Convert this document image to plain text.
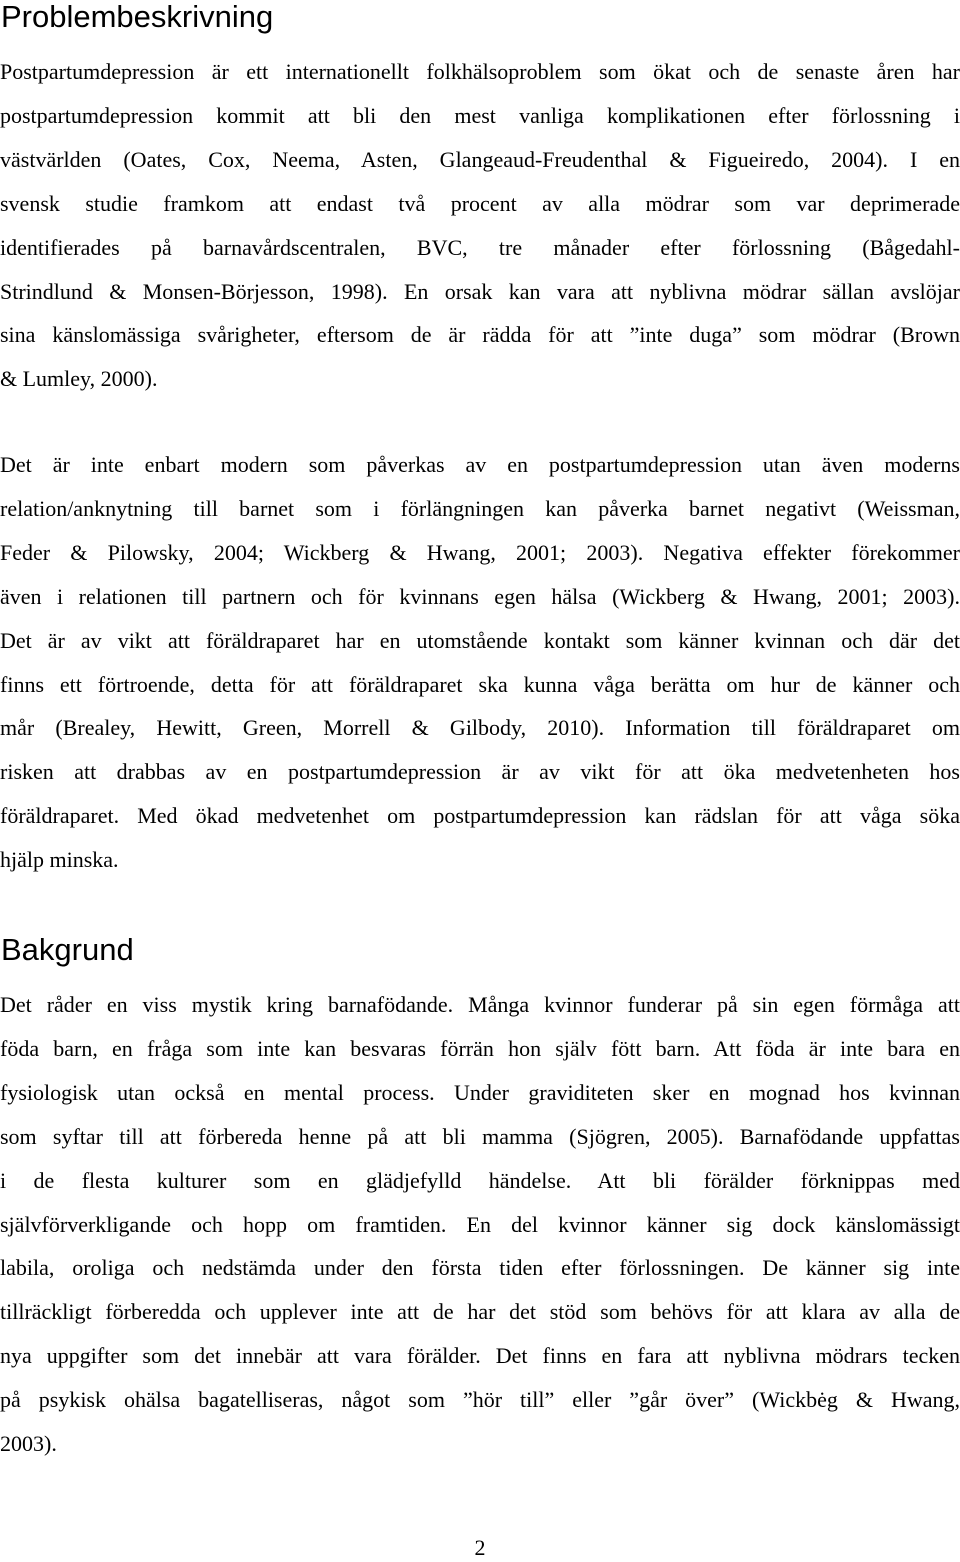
Problembeskrivning
Postpartumdepression är ett internationellt folkhälsoproblem som ökat och de senaste åren har
postpartumdepression kommit att bli den mest vanliga komplikationen efter förlossning i
västvärlden (Oates, Cox, Neema, Asten, Glangeaud-Freudenthal & Figueiredo, 2004). I en
svensk studie framkom att endast två procent av alla mödrar som var deprimerade
identifierades på barnavårdscentralen, BVC, tre månader efter förlossning (Bågedahl-
Strindlund & Monsen-Börjesson, 1998). En orsak kan vara att nyblivna mödrar sällan avslöjar
sina känslomässiga svårigheter, eftersom de är rädda för att ”inte duga” som mödrar (Brown
& Lumley, 2000).
Det är inte enbart modern som påverkas av en postpartumdepression utan även moderns
relation/anknytning till barnet som i förlängningen kan påverka barnet negativt (Weissman,
Feder & Pilowsky, 2004; Wickberg & Hwang, 2001; 2003). Negativa effekter förekommer
även i relationen till partnern och för kvinnans egen hälsa (Wickberg & Hwang, 2001; 2003).
Det är av vikt att föräldraparet har en utomstående kontakt som känner kvinnan och där det
finns ett förtroende, detta för att föräldraparet ska kunna våga berätta om hur de känner och
mår (Brealey, Hewitt, Green, Morrell & Gilbody, 2010). Information till föräldraparet om
risken att drabbas av en postpartumdepression är av vikt för att öka medvetenheten hos
föräldraparet. Med ökad medvetenhet om postpartumdepression kan rädslan för att våga söka
hjälp minska.
Bakgrund
Det råder en viss mystik kring barnafödande. Många kvinnor funderar på sin egen förmåga att
föda barn, en fråga som inte kan besvaras förrän hon själv fött barn. Att föda är inte bara en
fysiologisk utan också en mental process. Under graviditeten sker en mognad hos kvinnan
som syftar till att förbereda henne på att bli mamma (Sjögren, 2005). Barnafödande uppfattas
i de flesta kulturer som en glädjefylld händelse. Att bli förälder förknippas med
självförverkligande och hopp om framtiden. En del kvinnor känner sig dock känslomässigt
labila, oroliga och nedstämda under den första tiden efter förlossningen. De känner sig inte
tillräckligt förberedda och upplever inte att de har det stöd som behövs för att klara av alla de
nya uppgifter som det innebär att vara förälder. Det finns en fara att nyblivna mödrars tecken
på psykisk ohälsa bagatelliseras, något som ”hör till” eller ”går över” (Wickbėg & Hwang,
2003).
2
